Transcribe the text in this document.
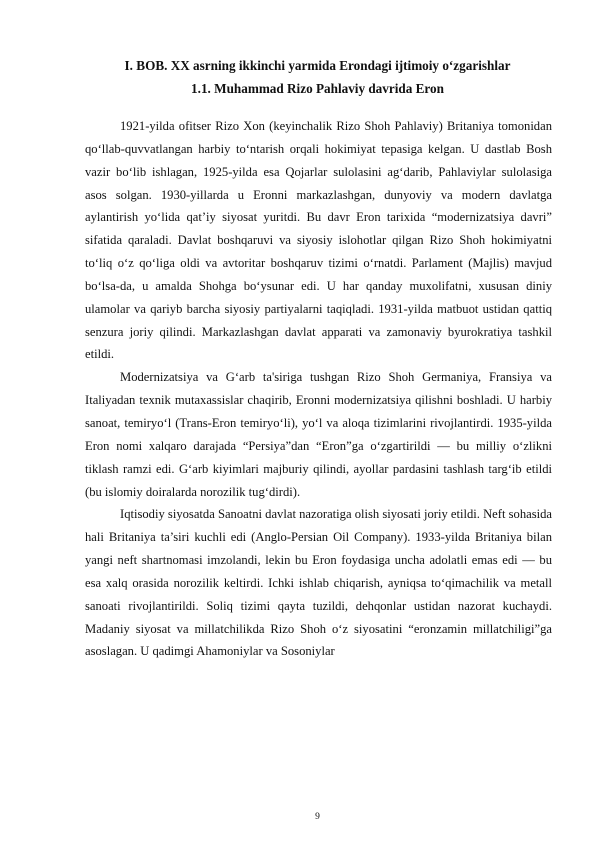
I. BOB. XX asrning ikkinchi yarmida Erondagi ijtimoiy o‘zgarishlar
1.1. Muhammad Rizo Pahlaviy davrida Eron

1921-yilda ofitser Rizo Xon (keyinchalik Rizo Shoh Pahlaviy) Britaniya tomonidan qo‘llab-quvvatlangan harbiy to‘ntarish orqali hokimiyat tepasiga kelgan. U dastlab Bosh vazir bo‘lib ishlagan, 1925-yilda esa Qojarlar sulolasini ag‘darib, Pahlaviylar sulolasiga asos solgan. 1930-yillarda u Eronni markazlashgan, dunyoviy va modern davlatga aylantirish yo‘lida qat’iy siyosat yuritdi. Bu davr Eron tarixida “modernizatsiya davri” sifatida qaraladi. Davlat boshqaruvi va siyosiy islohotlar qilgan Rizo Shoh hokimiyatni to‘liq o‘z qo‘liga oldi va avtoritar boshqaruv tizimi o‘rnatdi. Parlament (Majlis) mavjud bo‘lsa-da, u amalda Shohga bo‘ysunar edi. U har qanday muxolifatni, xususan diniy ulamolar va qariyb barcha siyosiy partiyalarni taqiqladi. 1931-yilda matbuot ustidan qattiq senzura joriy qilindi. Markazlashgan davlat apparati va zamonaviy byurokratiya tashkil etildi.

Modernizatsiya va G‘arb ta'siriga tushgan Rizo Shoh Germaniya, Fransiya va Italiyadan texnik mutaxassislar chaqirib, Eronni modernizatsiya qilishni boshladi. U harbiy sanoat, temiryo‘l (Trans-Eron temiryo‘li), yo‘l va aloqa tizimlarini rivojlantirdi. 1935-yilda Eron nomi xalqaro darajada “Persiya”dan “Eron”ga o‘zgartirildi — bu milliy o‘zlikni tiklash ramzi edi. G‘arb kiyimlari majburiy qilindi, ayollar pardasini tashlash targ‘ib etildi (bu islomiy doiralarda norozilik tug‘dirdi).

Iqtisodiy siyosatda Sanoatni davlat nazoratiga olish siyosati joriy etildi. Neft sohasida hali Britaniya ta’siri kuchli edi (Anglo-Persian Oil Company). 1933-yilda Britaniya bilan yangi neft shartnomasi imzolandi, lekin bu Eron foydasiga uncha adolatli emas edi — bu esa xalq orasida norozilik keltirdi. Ichki ishlab chiqarish, ayniqsa to‘qimachilik va metall sanoati rivojlantirildi. Soliq tizimi qayta tuzildi, dehqonlar ustidan nazorat kuchaydi. Madaniy siyosat va millatchilikda Rizo Shoh o‘z siyosatini “eronzamin millatchiligi”ga asoslagan. U qadimgi Ahamoniylar va Sosoniylar

9
